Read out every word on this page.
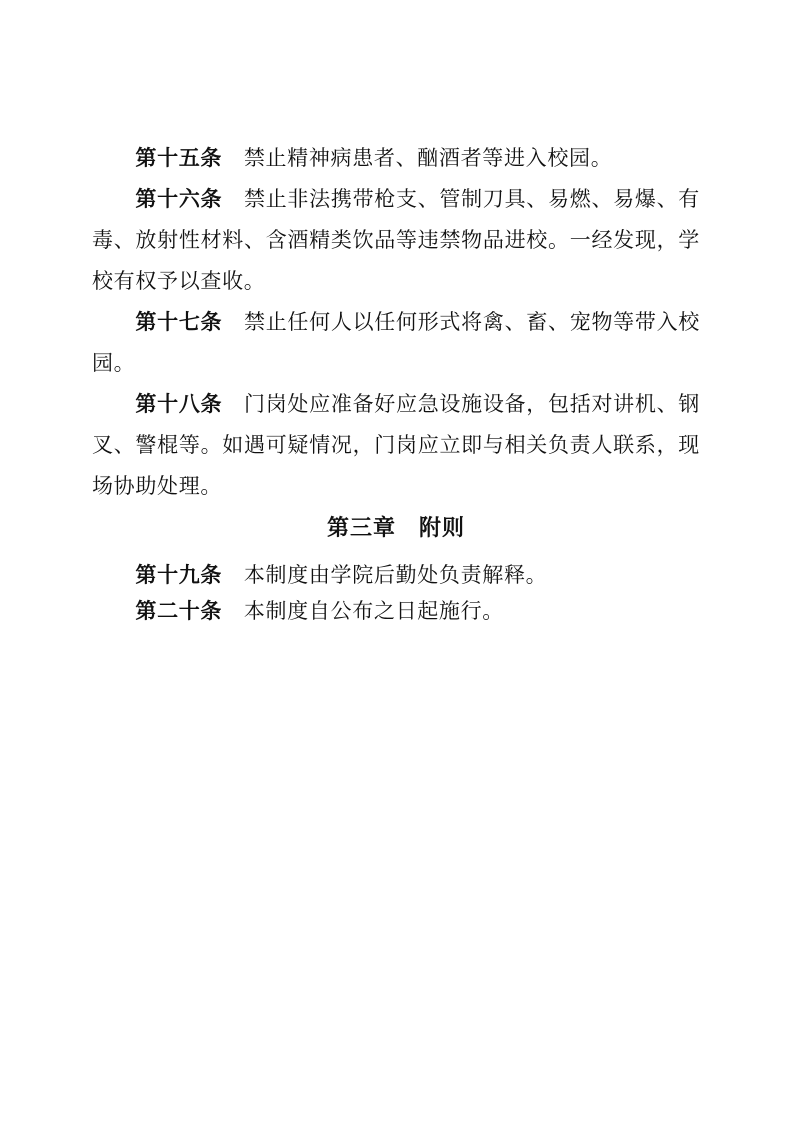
第十五条 禁止精神病患者、酗酒者等进入校园。

第十六条 禁止非法携带枪支、管制刀具、易燃、易爆、有毒、放射性材料、含酒精类饮品等违禁物品进校。一经发现，学校有权予以查收。

第十七条 禁止任何人以任何形式将禽、畜、宠物等带入校园。

第十八条 门岗处应准备好应急设施设备，包括对讲机、钢叉、警棍等。如遇可疑情况，门岗应立即与相关负责人联系，现场协助处理。

第三章　附则

第十九条 本制度由学院后勤处负责解释。

第二十条 本制度自公布之日起施行。
